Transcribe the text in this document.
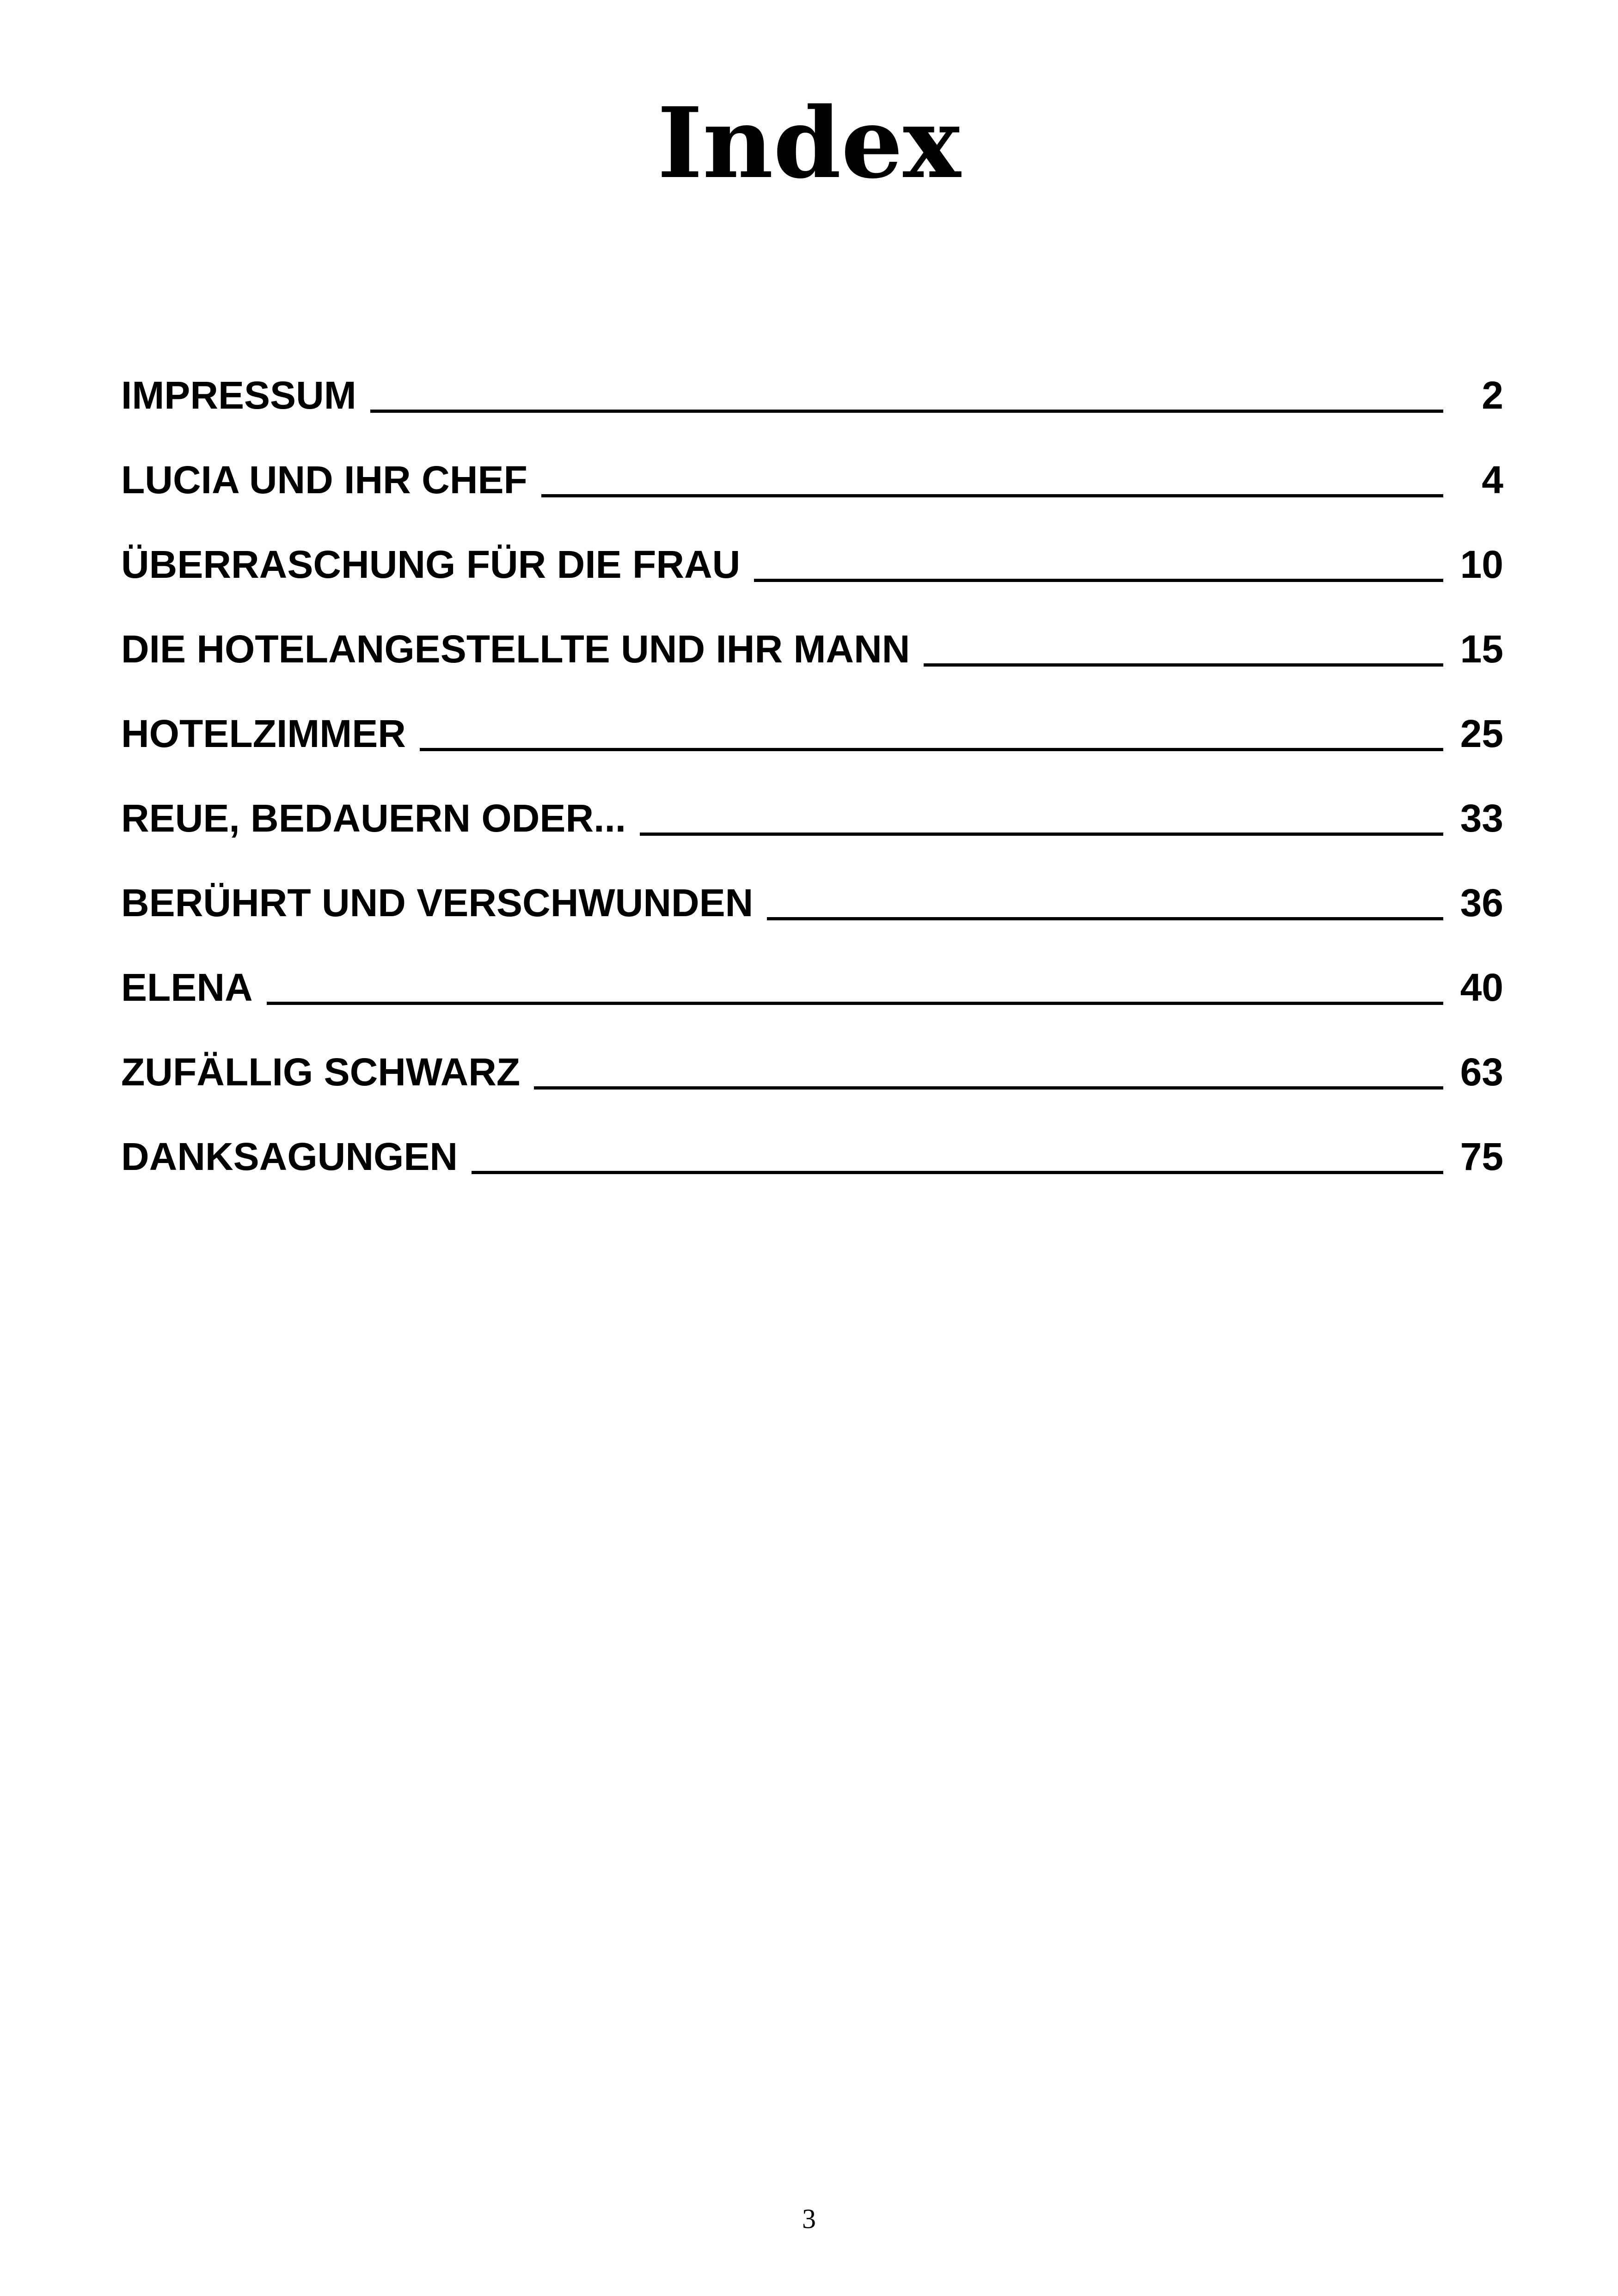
Index
IMPRESSUM	2
LUCIA UND IHR CHEF	4
ÜBERRASCHUNG FÜR DIE FRAU	10
DIE HOTELANGESTELLTE UND IHR MANN	15
HOTELZIMMER	25
REUE, BEDAUERN ODER...	33
BERÜHRT UND VERSCHWUNDEN	36
ELENA	40
ZUFÄLLIG SCHWARZ	63
DANKSAGUNGEN	75
3
